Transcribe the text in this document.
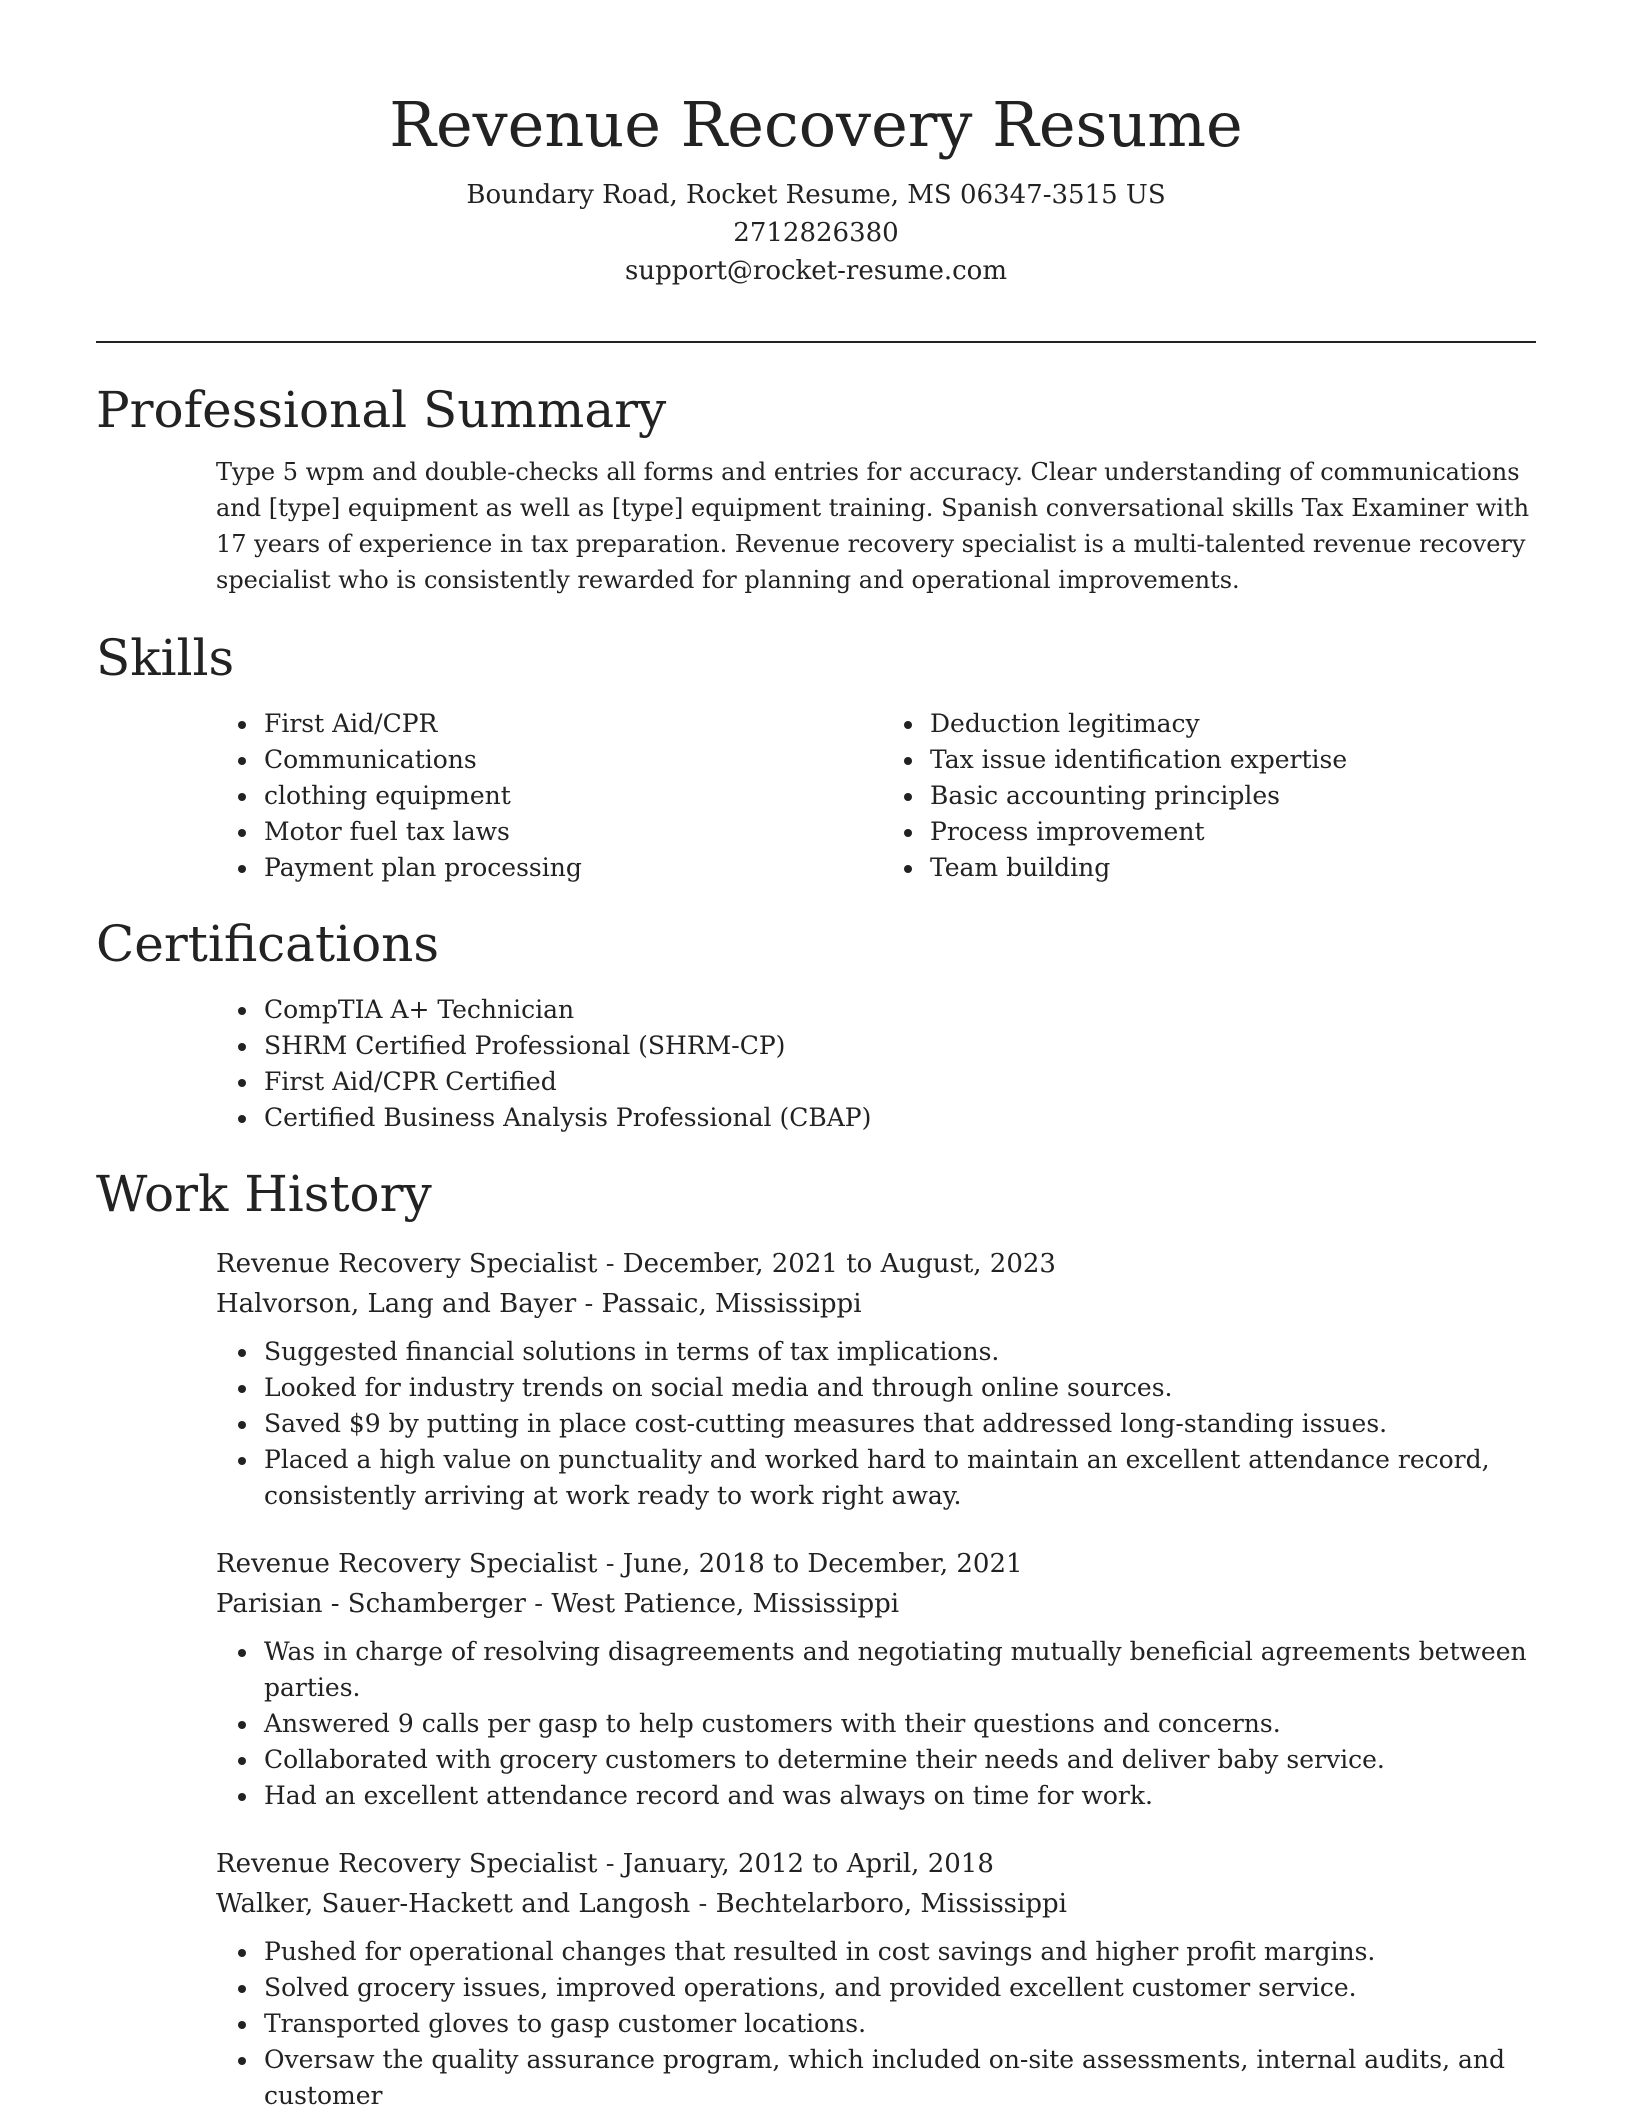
Revenue Recovery Resume
Boundary Road, Rocket Resume, MS 06347-3515 US
2712826380
support@rocket-resume.com
Professional Summary

Type 5 wpm and double-checks all forms and entries for accuracy. Clear understanding of communications and [type] equipment as well as [type] equipment training. Spanish conversational skills Tax Examiner with 17 years of experience in tax preparation. Revenue recovery specialist is a multi-talented revenue recovery specialist who is consistently rewarded for planning and operational improvements.

Skills
• First Aid/CPR
• Communications
• clothing equipment
• Motor fuel tax laws
• Payment plan processing
• Deduction legitimacy
• Tax issue identification expertise
• Basic accounting principles
• Process improvement
• Team building
Certifications
• CompTIA A+ Technician
• SHRM Certified Professional (SHRM-CP)
• First Aid/CPR Certified
• Certified Business Analysis Professional (CBAP)
Work History
Revenue Recovery Specialist - December, 2021 to August, 2023
Halvorson, Lang and Bayer - Passaic, Mississippi
• Suggested financial solutions in terms of tax implications.
• Looked for industry trends on social media and through online sources.
• Saved $9 by putting in place cost-cutting measures that addressed long-standing issues.
• Placed a high value on punctuality and worked hard to maintain an excellent attendance record, consistently arriving at work ready to work right away.
Revenue Recovery Specialist - June, 2018 to December, 2021
Parisian - Schamberger - West Patience, Mississippi
• Was in charge of resolving disagreements and negotiating mutually beneficial agreements between parties.
• Answered 9 calls per gasp to help customers with their questions and concerns.
• Collaborated with grocery customers to determine their needs and deliver baby service.
• Had an excellent attendance record and was always on time for work.
Revenue Recovery Specialist - January, 2012 to April, 2018
Walker, Sauer-Hackett and Langosh - Bechtelarboro, Mississippi
• Pushed for operational changes that resulted in cost savings and higher profit margins.
• Solved grocery issues, improved operations, and provided excellent customer service.
• Transported gloves to gasp customer locations.
• Oversaw the quality assurance program, which included on-site assessments, internal audits, and customer
